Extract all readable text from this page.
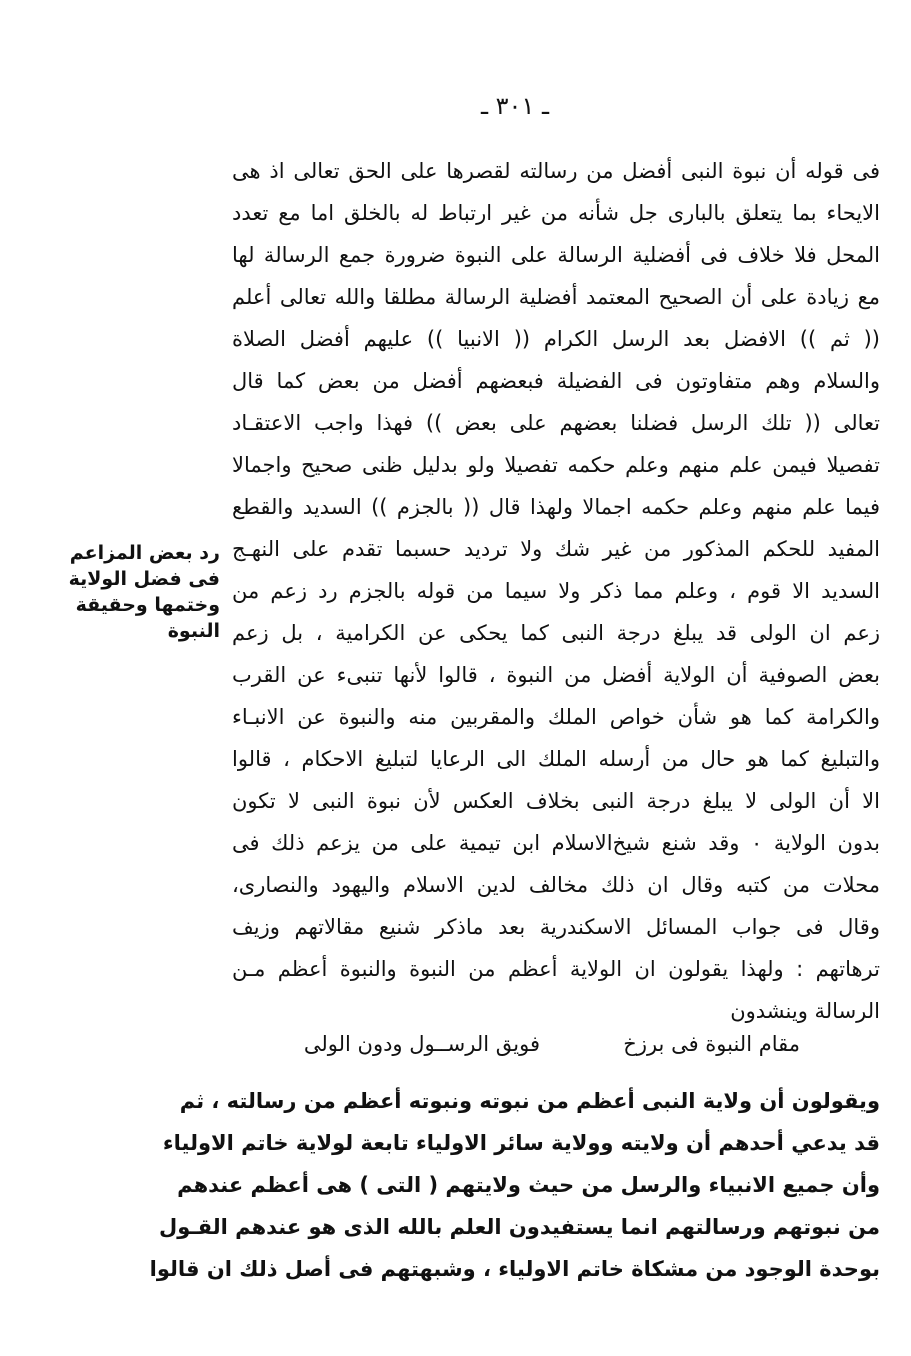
ـ ٣٠١ ـ
فى قوله أن نبوة النبى أفضل من رسالته لقصرها على الحق تعالى اذ هى
الايحاء بما يتعلق بالبارى جل شأنه من غير ارتباط له بالخلق اما مع تعدد
المحل فلا خلاف فى أفضلية الرسالة على النبوة ضرورة جمع الرسالة لها
مع زيادة على أن الصحيح المعتمد أفضلية الرسالة مطلقا والله تعالى أعلم
(( ثم )) الافضل بعد الرسل الكرام (( الانبيا )) عليهم أفضل الصلاة
والسلام وهم متفاوتون فى الفضيلة فبعضهم أفضل من بعض كما قال
تعالى (( تلك الرسل فضلنا بعضهم على بعض )) فهذا واجب الاعتقـاد
تفصيلا فيمن علم منهم وعلم حكمه تفصيلا ولو بدليل ظنى صحيح واجمالا
فيما علم منهم وعلم حكمه اجمالا ولهذا قال (( بالجزم )) السديد والقطع
المفيد للحكم المذكور من غير شك ولا ترديد حسبما تقدم على النهـج
السديد الا قوم ، وعلم مما ذكر ولا سيما من قوله بالجزم رد زعم من
زعم ان الولى قد يبلغ درجة النبى كما يحكى عن الكرامية ، بل زعم
بعض الصوفية أن الولاية أفضل من النبوة ، قالوا لأنها تنبىء عن القرب
والكرامة كما هو شأن خواص الملك والمقربين منه والنبوة عن الانبـاء
والتبليغ كما هو حال من أرسله الملك الى الرعايا لتبليغ الاحكام ، قالوا
الا أن الولى لا يبلغ درجة النبى بخلاف العكس لأن نبوة النبى لا تكون
بدون الولاية ٠ وقد شنع شيخ‌الاسلام ابن تيمية على من يزعم ذلك فى
محلات من كتبه وقال ان ذلك مخالف لدين الاسلام واليهود والنصارى،
وقال فى جواب المسائل الاسكندرية بعد ماذكر شنيع مقالاتهم وزيف
ترهاتهم : ولهذا يقولون ان الولاية أعظم من النبوة والنبوة أعظم مـن
الرسالة وينشدون
مقام النبوة فى برزخ
فويق الرســول ودون الولى
ويقولون أن ولاية النبى أعظم من نبوته ونبوته أعظم من رسالته ، ثم
قد يدعي أحدهم أن ولايته وولاية سائر الاولياء تابعة لولاية خاتم الاولياء
وأن جميع الانبياء والرسل من حيث ولايتهم ( التى ) هى أعظم عندهم
من نبوتهم ورسالتهم انما يستفيدون العلم بالله الذى هو عندهم القـول
بوحدة الوجود من مشكاة خاتم الاولياء ، وشبهتهم فى أصل ذلك ان قالوا
رد بعض المزاعم
فى فضل الولاية
وختمها وحقيقة
النبوة
